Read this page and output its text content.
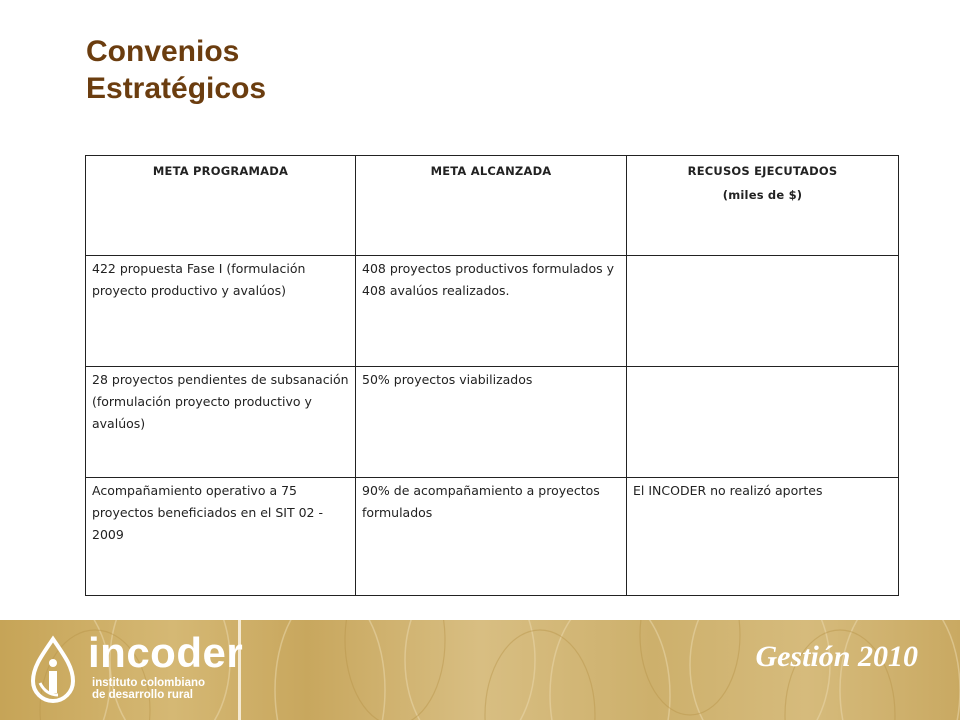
Convenios
Estratégicos
META PROGRAMADA	META ALCANZADA	RECUSOS EJECUTADOS
(miles de $)

422 propuesta Fase I (formulación proyecto productivo y avalúos)	408 proyectos productivos formulados y 408 avalúos realizados.	
28 proyectos pendientes de subsanación (formulación proyecto productivo y avalúos)	50% proyectos viabilizados	
Acompañamiento operativo a 75 proyectos beneficiados en el SIT 02 - 2009	90% de acompañamiento a proyectos formulados	El INCODER no realizó aportes
incoder
instituto colombiano
de desarrollo rural
Gestión 2010
